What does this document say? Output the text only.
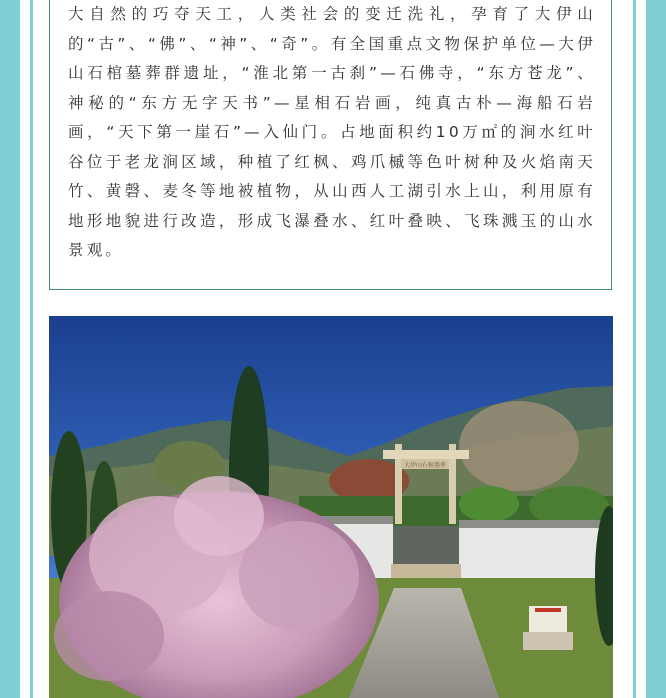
大自然的巧夺天工，人类社会的变迁洗礼，孕育了大伊山的“古”、“佛”、“神”、“奇”。有全国重点文物保护单位—大伊山石棺墓葬群遗址，“淮北第一古刹”—石佛寺，“东方苍龙”、神秘的“东方无字天书”—星相石岩画，纯真古朴—海船石岩画，“天下第一崖石”—入仙门。占地面积约10万㎡的涧水红叶谷位于老龙涧区域，种植了红枫、鸡爪槭等色叶树种及火焰南天竹、黄磬、麦冬等地被植物，从山西人工湖引水上山，利用原有地形地貌进行改造，形成飞瀑叠水、红叶叠映、飞珠溅玉的山水景观。

大伊山石棺墓葬
